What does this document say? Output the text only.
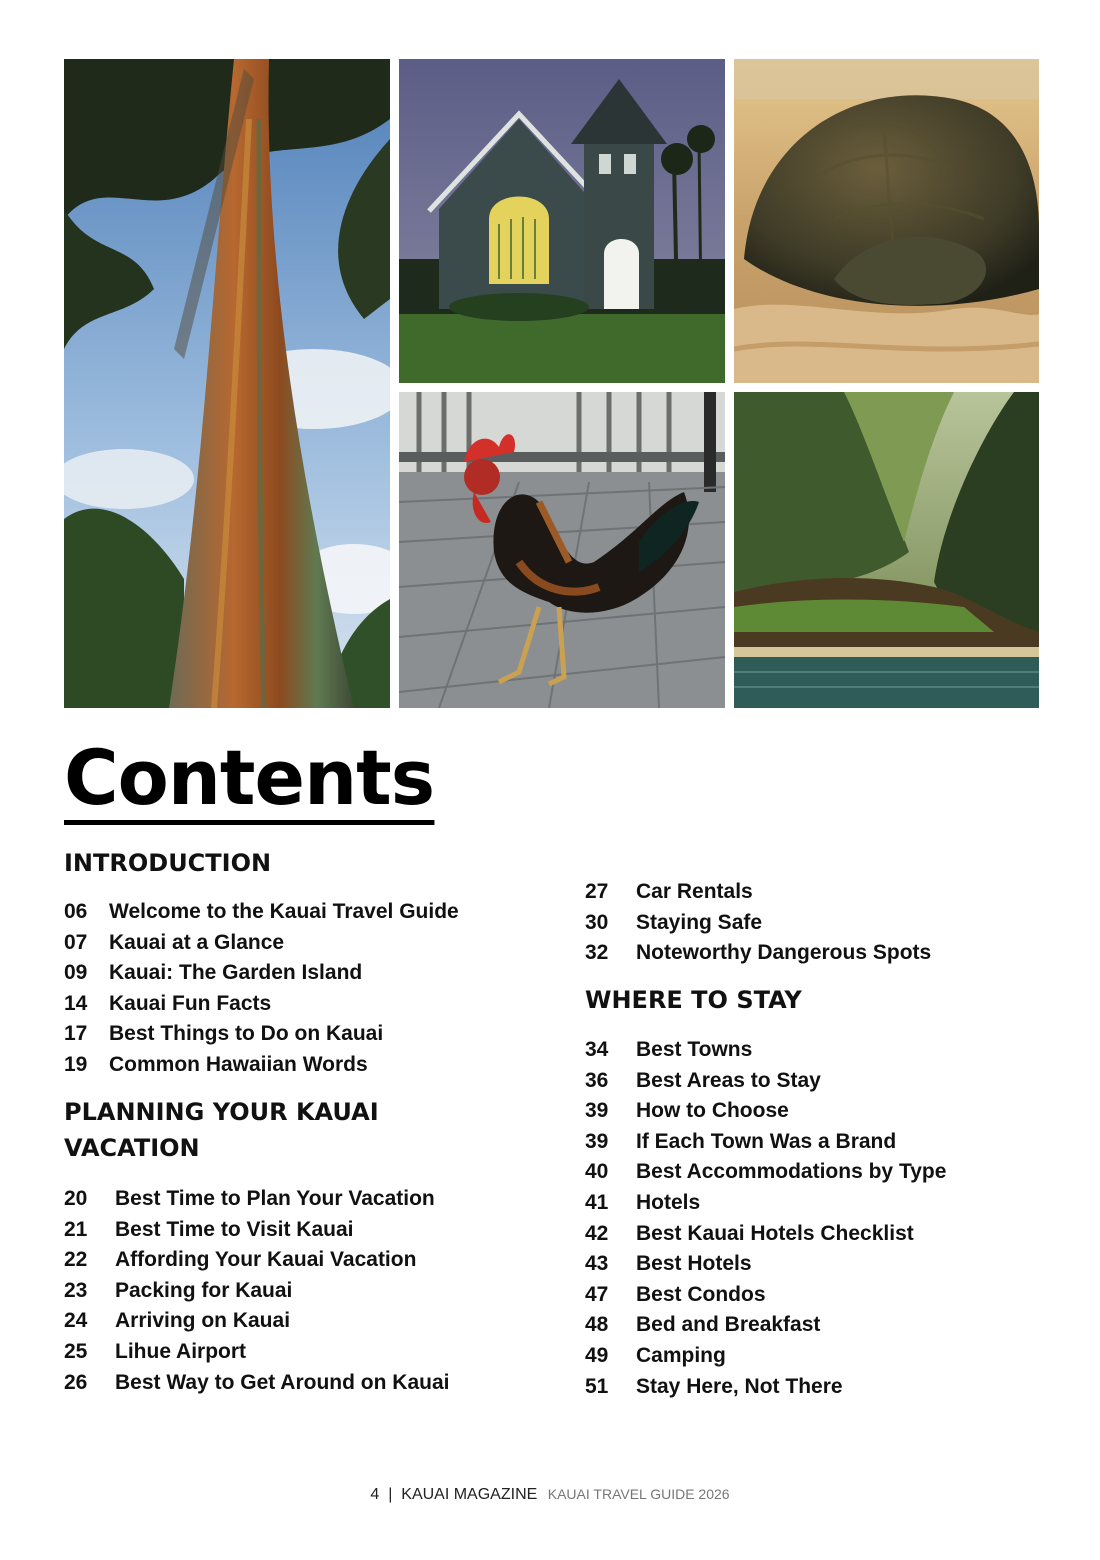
Contents
INTRODUCTION
06 Welcome to the Kauai Travel Guide
07 Kauai at a Glance
09 Kauai: The Garden Island
14 Kauai Fun Facts
17 Best Things to Do on Kauai
19 Common Hawaiian Words
PLANNING YOUR KAUAI
VACATION
20 Best Time to Plan Your Vacation
21 Best Time to Visit Kauai
22 Affording Your Kauai Vacation
23 Packing for Kauai
24 Arriving on Kauai
25 Lihue Airport
26 Best Way to Get Around on Kauai
27 Car Rentals
30 Staying Safe
32 Noteworthy Dangerous Spots
WHERE TO STAY
34 Best Towns
36 Best Areas to Stay
39 How to Choose
39 If Each Town Was a Brand
40 Best Accommodations by Type
41 Hotels
42 Best Kauai Hotels Checklist
43 Best Hotels
47 Best Condos
48 Bed and Breakfast
49 Camping
51 Stay Here, Not There
4 | KAUAI MAGAZINE KAUAI TRAVEL GUIDE 2026
